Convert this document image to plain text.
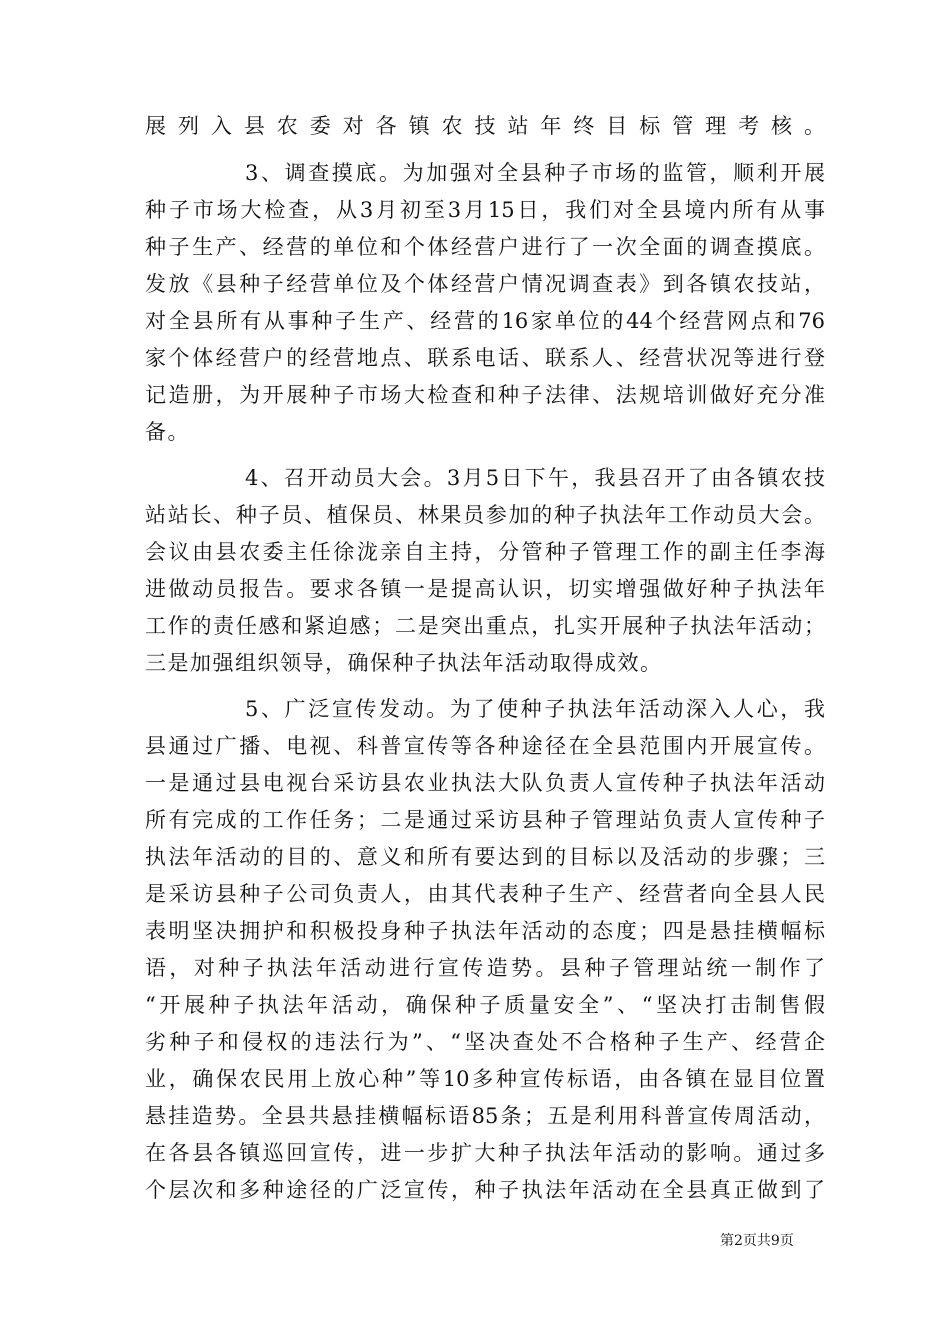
展列入县农委对各镇农技站年终目标管理考核。
3、调查摸底。为加强对全县种子市场的监管，顺利开展
种子市场大检查，从3月初至3月15日，我们对全县境内所有从事
种子生产、经营的单位和个体经营户进行了一次全面的调查摸底。
发放《县种子经营单位及个体经营户情况调查表》到各镇农技站，
对全县所有从事种子生产、经营的16家单位的44个经营网点和76
家个体经营户的经营地点、联系电话、联系人、经营状况等进行登
记造册，为开展种子市场大检查和种子法律、法规培训做好充分准
备。
4、召开动员大会。3月5日下午，我县召开了由各镇农技
站站长、种子员、植保员、林果员参加的种子执法年工作动员大会。
会议由县农委主任徐泷亲自主持，分管种子管理工作的副主任李海
进做动员报告。要求各镇一是提高认识，切实增强做好种子执法年
工作的责任感和紧迫感；二是突出重点，扎实开展种子执法年活动；
三是加强组织领导，确保种子执法年活动取得成效。
5、广泛宣传发动。为了使种子执法年活动深入人心，我
县通过广播、电视、科普宣传等各种途径在全县范围内开展宣传。
一是通过县电视台采访县农业执法大队负责人宣传种子执法年活动
所有完成的工作任务；二是通过采访县种子管理站负责人宣传种子
执法年活动的目的、意义和所有要达到的目标以及活动的步骤；三
是采访县种子公司负责人，由其代表种子生产、经营者向全县人民
表明坚决拥护和积极投身种子执法年活动的态度；四是悬挂横幅标
语，对种子执法年活动进行宣传造势。县种子管理站统一制作了
“开展种子执法年活动，确保种子质量安全”、“坚决打击制售假
劣种子和侵权的违法行为”、“坚决查处不合格种子生产、经营企
业，确保农民用上放心种”等10多种宣传标语，由各镇在显目位置
悬挂造势。全县共悬挂横幅标语85条；五是利用科普宣传周活动，
在各县各镇巡回宣传，进一步扩大种子执法年活动的影响。通过多
个层次和多种途径的广泛宣传，种子执法年活动在全县真正做到了
第2页共9页
